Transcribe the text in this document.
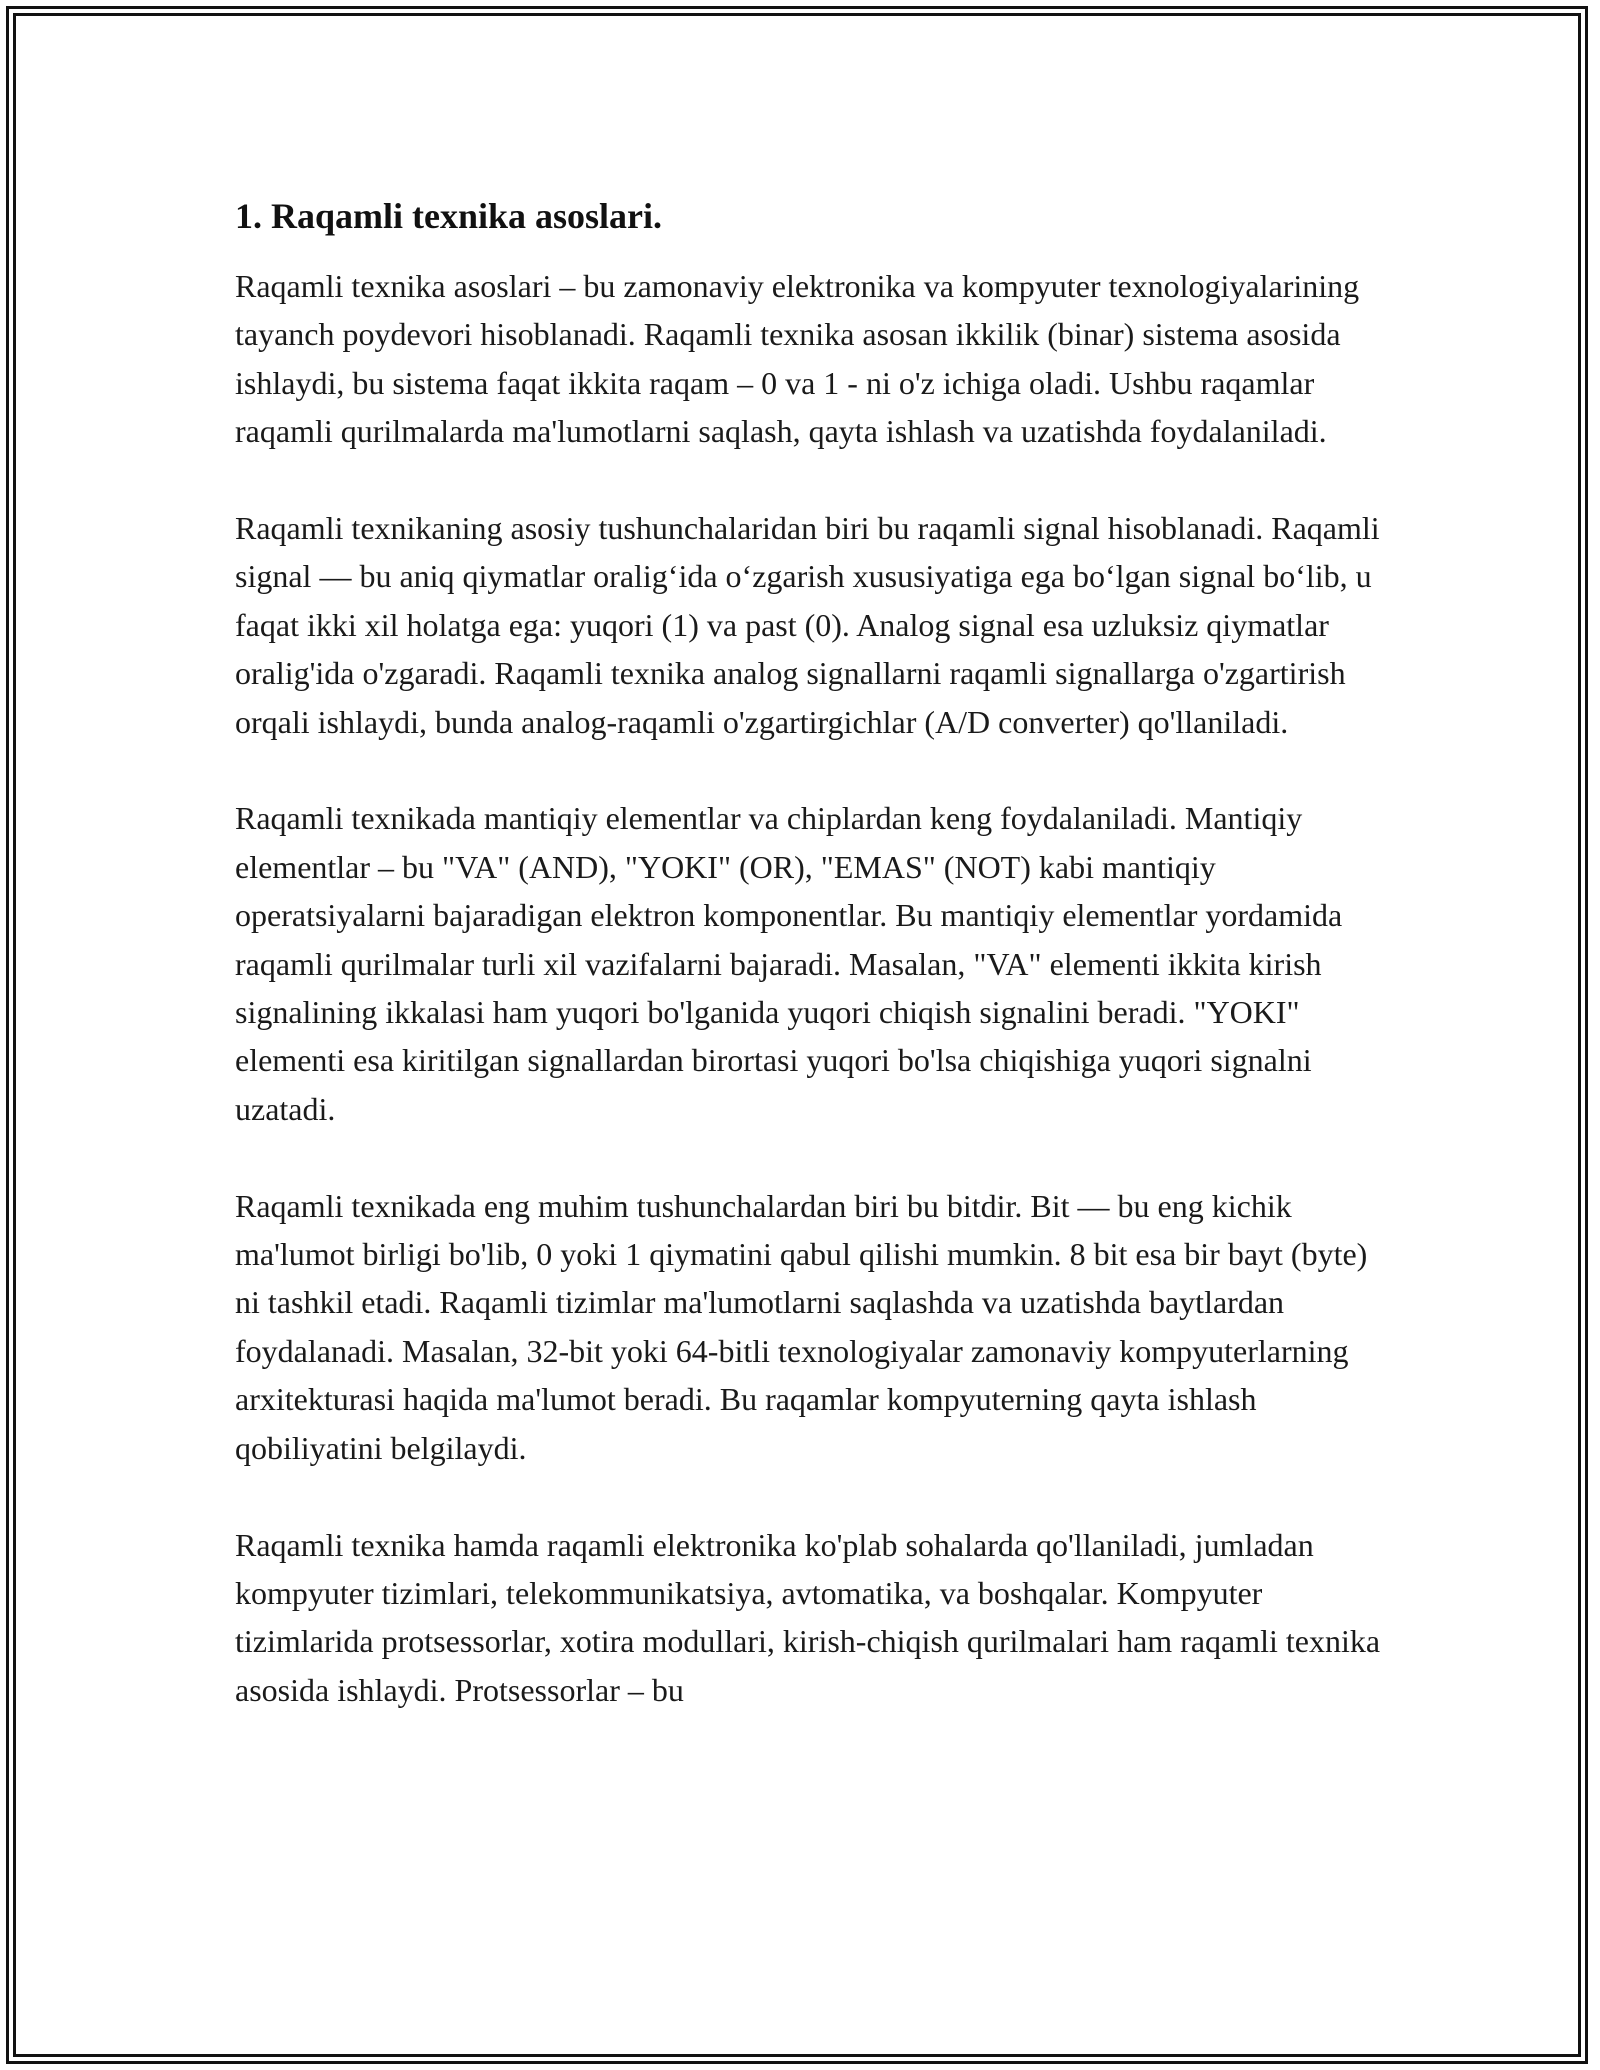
1. Raqamli texnika asoslari.

Raqamli texnika asoslari – bu zamonaviy elektronika va kompyuter texnologiyalarining tayanch poydevori hisoblanadi. Raqamli texnika asosan ikkilik (binar) sistema asosida ishlaydi, bu sistema faqat ikkita raqam – 0 va 1 - ni o'z ichiga oladi. Ushbu raqamlar raqamli qurilmalarda ma'lumotlarni saqlash, qayta ishlash va uzatishda foydalaniladi.

Raqamli texnikaning asosiy tushunchalaridan biri bu raqamli signal hisoblanadi. Raqamli signal — bu aniq qiymatlar oralig‘ida o‘zgarish xususiyatiga ega bo‘lgan signal bo‘lib, u faqat ikki xil holatga ega: yuqori (1) va past (0). Analog signal esa uzluksiz qiymatlar oralig'ida o'zgaradi. Raqamli texnika analog signallarni raqamli signallarga o'zgartirish orqali ishlaydi, bunda analog-raqamli o'zgartirgichlar (A/D converter) qo'llaniladi.

Raqamli texnikada mantiqiy elementlar va chiplardan keng foydalaniladi. Mantiqiy elementlar – bu "VA" (AND), "YOKI" (OR), "EMAS" (NOT) kabi mantiqiy operatsiyalarni bajaradigan elektron komponentlar. Bu mantiqiy elementlar yordamida raqamli qurilmalar turli xil vazifalarni bajaradi. Masalan, "VA" elementi ikkita kirish signalining ikkalasi ham yuqori bo'lganida yuqori chiqish signalini beradi. "YOKI" elementi esa kiritilgan signallardan birortasi yuqori bo'lsa chiqishiga yuqori signalni uzatadi.

Raqamli texnikada eng muhim tushunchalardan biri bu bitdir. Bit — bu eng kichik ma'lumot birligi bo'lib, 0 yoki 1 qiymatini qabul qilishi mumkin. 8 bit esa bir bayt (byte) ni tashkil etadi. Raqamli tizimlar ma'lumotlarni saqlashda va uzatishda baytlardan foydalanadi. Masalan, 32-bit yoki 64-bitli texnologiyalar zamonaviy kompyuterlarning arxitekturasi haqida ma'lumot beradi. Bu raqamlar kompyuterning qayta ishlash qobiliyatini belgilaydi.

Raqamli texnika hamda raqamli elektronika ko'plab sohalarda qo'llaniladi, jumladan kompyuter tizimlari, telekommunikatsiya, avtomatika, va boshqalar. Kompyuter tizimlarida protsessorlar, xotira modullari, kirish-chiqish qurilmalari ham raqamli texnika asosida ishlaydi. Protsessorlar – bu
